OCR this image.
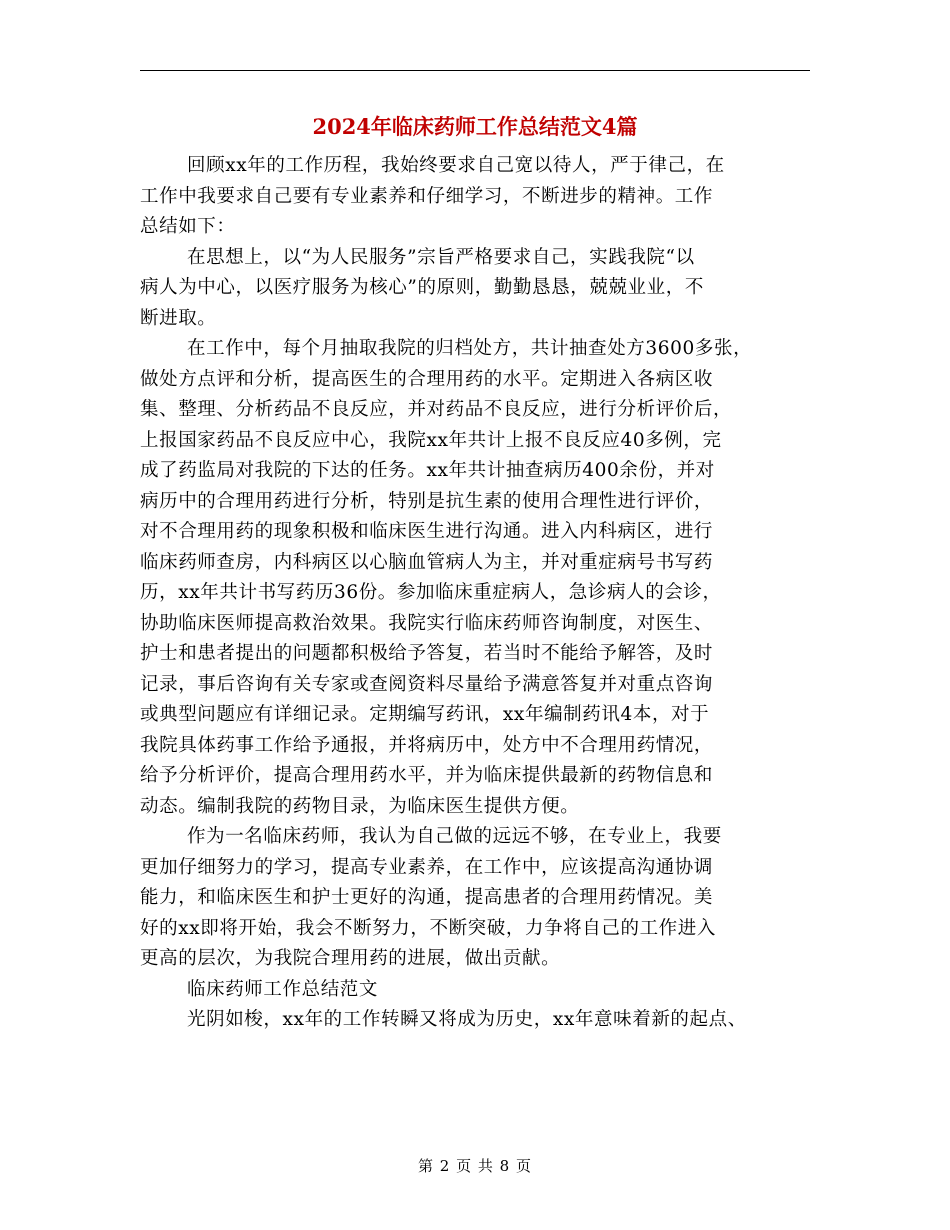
2024年临床药师工作总结范文4篇
回顾xx年的工作历程，我始终要求自己宽以待人，严于律己，在
工作中我要求自己要有专业素养和仔细学习，不断进步的精神。工作
总结如下：
在思想上，以“为人民服务”宗旨严格要求自己，实践我院“以
病人为中心，以医疗服务为核心”的原则，勤勤恳恳，兢兢业业，不
断进取。
在工作中，每个月抽取我院的归档处方，共计抽查处方3600多张，
做处方点评和分析，提高医生的合理用药的水平。定期进入各病区收
集、整理、分析药品不良反应，并对药品不良反应，进行分析评价后，
上报国家药品不良反应中心，我院xx年共计上报不良反应40多例，完
成了药监局对我院的下达的任务。xx年共计抽查病历400余份，并对
病历中的合理用药进行分析，特别是抗生素的使用合理性进行评价，
对不合理用药的现象积极和临床医生进行沟通。进入内科病区，进行
临床药师查房，内科病区以心脑血管病人为主，并对重症病号书写药
历，xx年共计书写药历36份。参加临床重症病人，急诊病人的会诊，
协助临床医师提高救治效果。我院实行临床药师咨询制度，对医生、
护士和患者提出的问题都积极给予答复，若当时不能给予解答，及时
记录，事后咨询有关专家或查阅资料尽量给予满意答复并对重点咨询
或典型问题应有详细记录。定期编写药讯，xx年编制药讯4本，对于
我院具体药事工作给予通报，并将病历中，处方中不合理用药情况，
给予分析评价，提高合理用药水平，并为临床提供最新的药物信息和
动态。编制我院的药物目录，为临床医生提供方便。
作为一名临床药师，我认为自己做的远远不够，在专业上，我要
更加仔细努力的学习，提高专业素养，在工作中，应该提高沟通协调
能力，和临床医生和护士更好的沟通，提高患者的合理用药情况。美
好的xx即将开始，我会不断努力，不断突破，力争将自己的工作进入
更高的层次，为我院合理用药的进展，做出贡献。
临床药师工作总结范文
光阴如梭，xx年的工作转瞬又将成为历史，xx年意味着新的起点、
第 2 页 共 8 页
